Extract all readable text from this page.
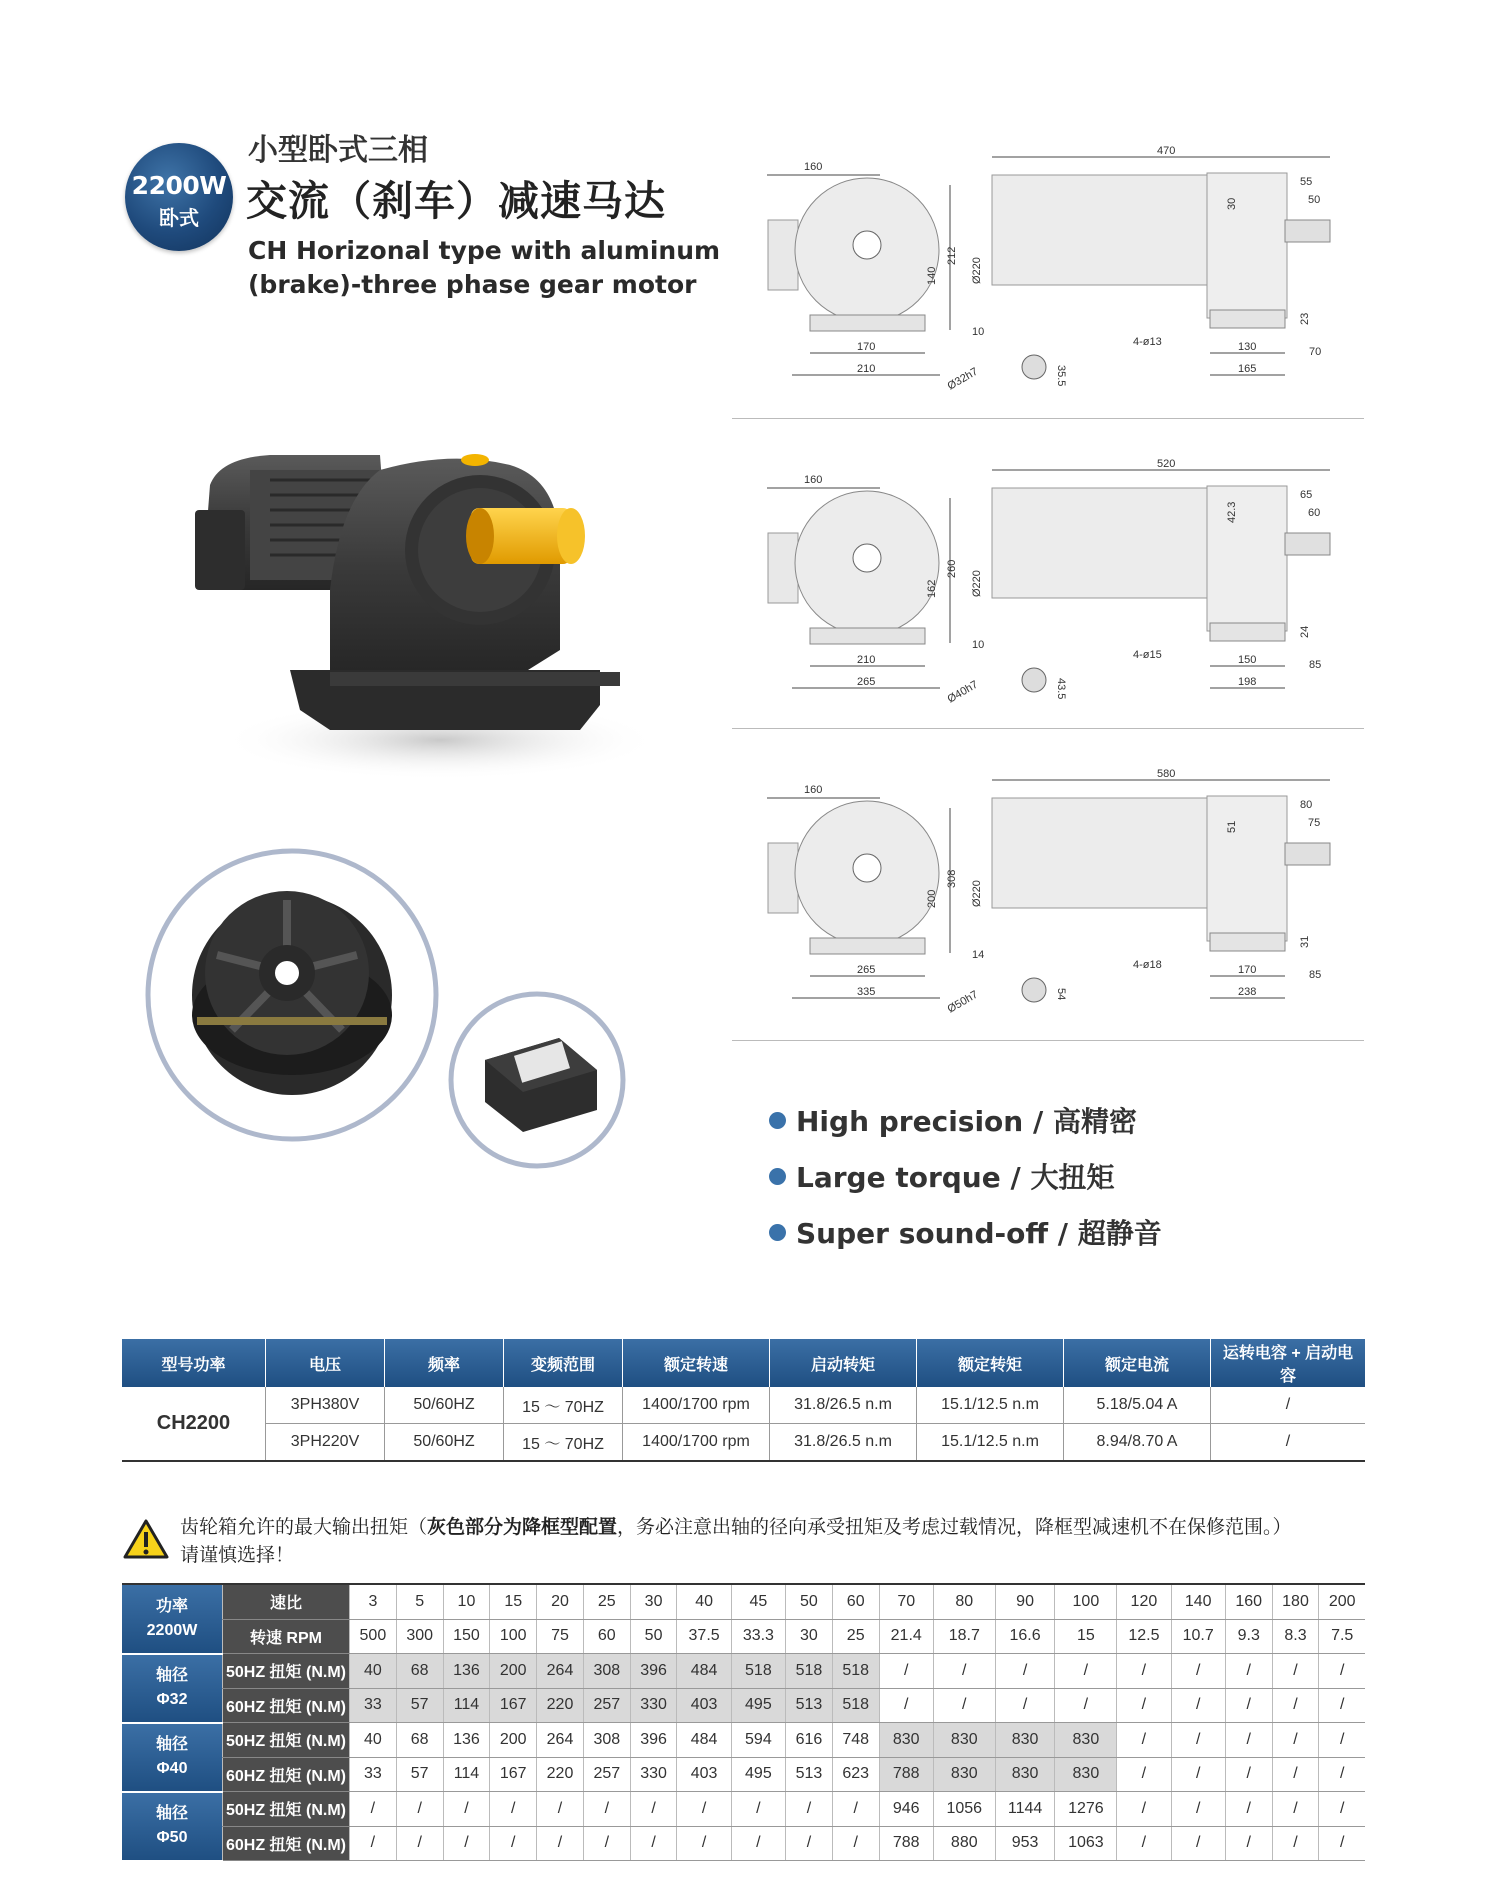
2200W
卧式
小型卧式三相
交流（刹车）减速马达
CH Horizonal type with aluminum
(brake)-three phase gear motor
160
212
140
170
210
Ø220
10
Ø32h7	35.5
470
55
50
30
4-ø13	130
165
23
70
160
260
162
210
265
Ø220
10
Ø40h7	43.5
520
65
60
42.3
4-ø15	150
198
24
85
160
308
200
265
335
Ø220
14
Ø50h7	54
580
80
75
51
4-ø18	170
238
31
85
High precision / 高精密
Large torque / 大扭矩
Super sound-off / 超静音
型号功率	电压	频率	变频范围	额定转速	启动转矩	额定转矩	额定电流	运转电容 + 启动电容
CH2200	3PH380V	50/60HZ	15 ～ 70HZ	1400/1700 rpm	31.8/26.5 n.m	15.1/12.5 n.m	5.18/5.04 A	/
	3PH220V	50/60HZ	15 ～ 70HZ	1400/1700 rpm	31.8/26.5 n.m	15.1/12.5 n.m	8.94/8.70 A	/
齿轮箱允许的最大输出扭矩（灰色部分为降框型配置，务必注意出轴的径向承受扭矩及考虑过载情况，降框型减速机不在保修范围。）
请谨慎选择！
功率
2200W	速比	3	5	10	15	20	25	30	40	45	50	60	70	80	90	100	120	140	160	180	200
	转速 RPM	500	300	150	100	75	60	50	37.5	33.3	30	25	21.4	18.7	16.6	15	12.5	10.7	9.3	8.3	7.5

轴径
Φ32	50HZ 扭矩 (N.M)	40	68	136	200	264	308	396	484	518	518	518	/	/	/	/	/	/	/	/	/
	60HZ 扭矩 (N.M)	33	57	114	167	220	257	330	403	495	513	518	/	/	/	/	/	/	/	/	/

轴径
Φ40	50HZ 扭矩 (N.M)	40	68	136	200	264	308	396	484	594	616	748	830	830	830	830	/	/	/	/	/
	60HZ 扭矩 (N.M)	33	57	114	167	220	257	330	403	495	513	623	788	830	830	830	/	/	/	/	/

轴径
Φ50	50HZ 扭矩 (N.M)	/	/	/	/	/	/	/	/	/	/	/	946	1056	1144	1276	/	/	/	/	/
	60HZ 扭矩 (N.M)	/	/	/	/	/	/	/	/	/	/	/	788	880	953	1063	/	/	/	/	/
